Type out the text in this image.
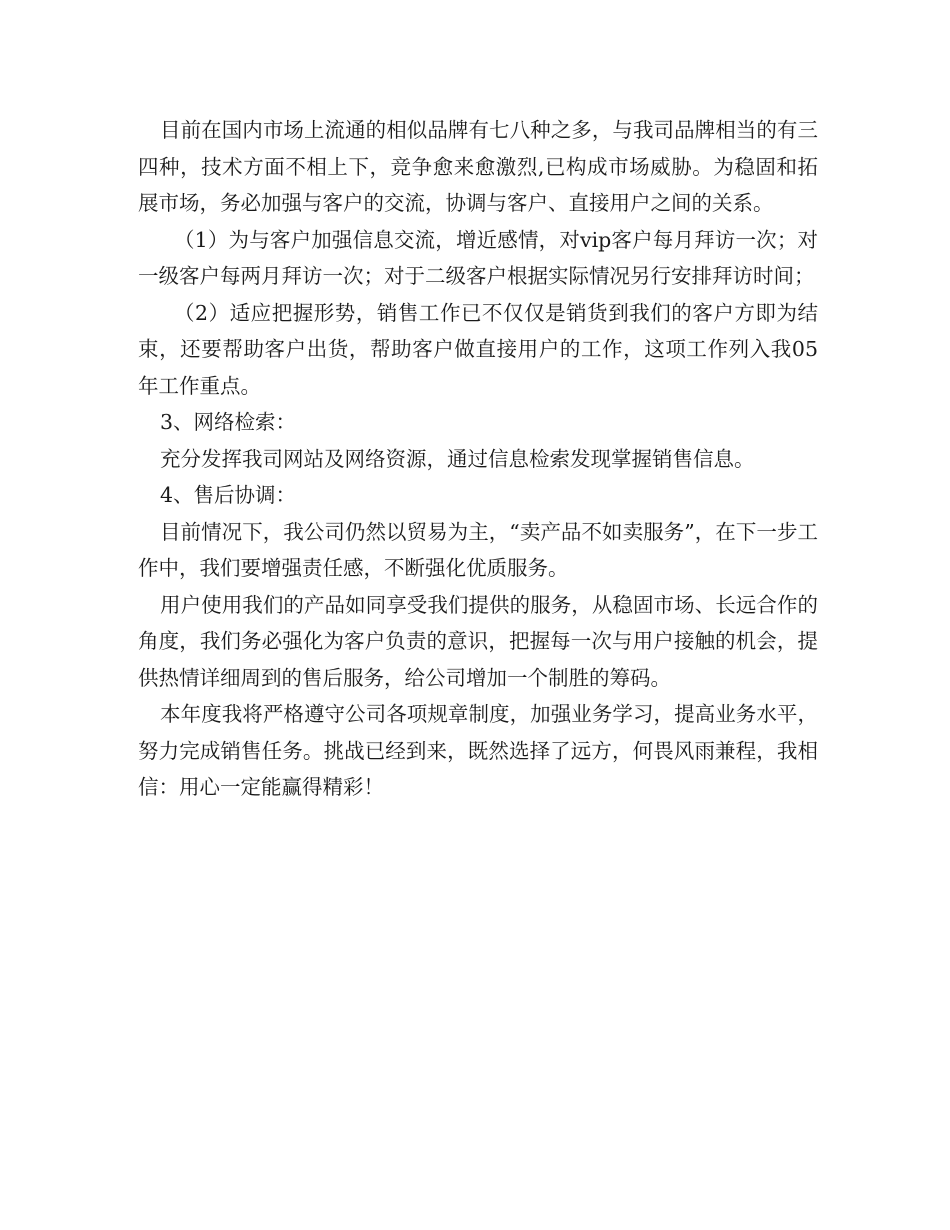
目前在国内市场上流通的相似品牌有七八种之多，与我司品牌相当的有三四种，技术方面不相上下，竞争愈来愈激烈,已构成市场威胁。为稳固和拓展市场，务必加强与客户的交流，协调与客户、直接用户之间的关系。

（1）为与客户加强信息交流，增近感情，对vip客户每月拜访一次；对一级客户每两月拜访一次；对于二级客户根据实际情况另行安排拜访时间；

（2）适应把握形势，销售工作已不仅仅是销货到我们的客户方即为结束，还要帮助客户出货，帮助客户做直接用户的工作，这项工作列入我05年工作重点。

3、网络检索：

充分发挥我司网站及网络资源，通过信息检索发现掌握销售信息。

4、售后协调：

目前情况下，我公司仍然以贸易为主，“卖产品不如卖服务”，在下一步工作中，我们要增强责任感，不断强化优质服务。

用户使用我们的产品如同享受我们提供的服务，从稳固市场、长远合作的角度，我们务必强化为客户负责的意识，把握每一次与用户接触的机会，提供热情详细周到的售后服务，给公司增加一个制胜的筹码。

本年度我将严格遵守公司各项规章制度，加强业务学习，提高业务水平，努力完成销售任务。挑战已经到来，既然选择了远方，何畏风雨兼程，我相信：用心一定能赢得精彩！
